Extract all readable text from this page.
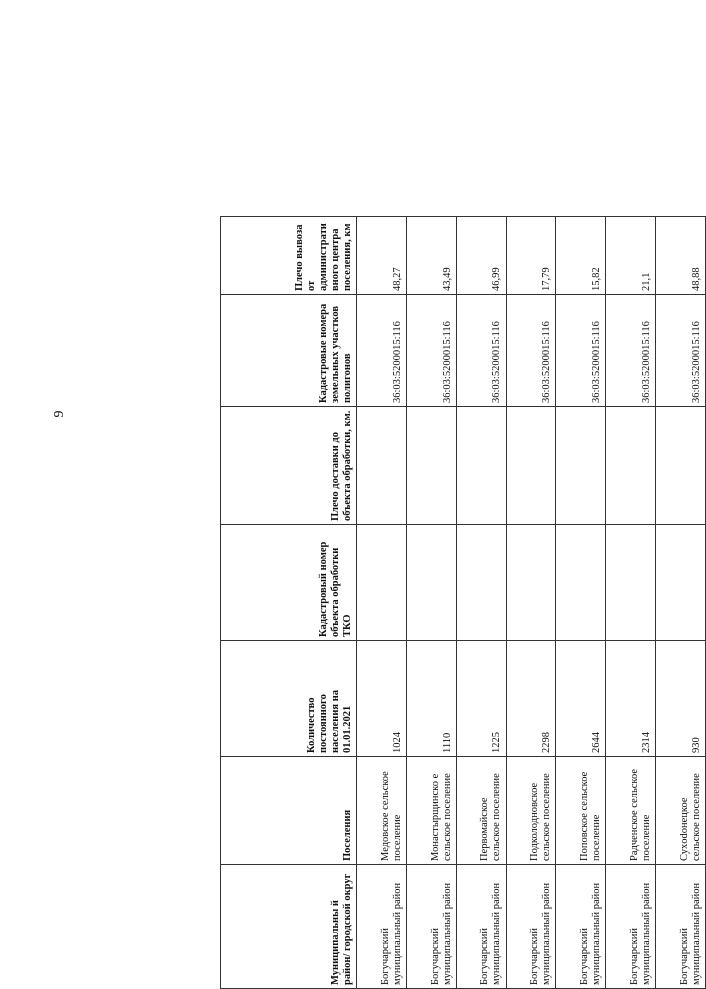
9
Муниципальны й район/ городской округ	Поселения	Количество постоянного населения на 01.01.2021	Кадастровый номер объекта обработки ТКО	Плечо доставки до объекта обработки, км.	Кадастровые номера земельных участков полигонов	Плечо вывоза от административного центра поселения, км
Богучарский муниципальный район	Медовское сельское поселение	1024			36:03:5200015:116	48,27
Богучарский муниципальный район	Монастырщинско е сельское поселение	1110			36:03:5200015:116	43,49
Богучарский муниципальный район	Первомайское сельское поселение	1225			36:03:5200015:116	46,99
Богучарский муниципальный район	Подколодновское сельское поселение	2298			36:03:5200015:116	17,79
Богучарский муниципальный район	Поповское сельское поселение	2644			36:03:5200015:116	15,82
Богучарский муниципальный район	Радченское сельское поселение	2314			36:03:5200015:116	21,1
Богучарский муниципальный район	Сухodoнецкое сельское поселение	930			36:03:5200015:116	48,88
